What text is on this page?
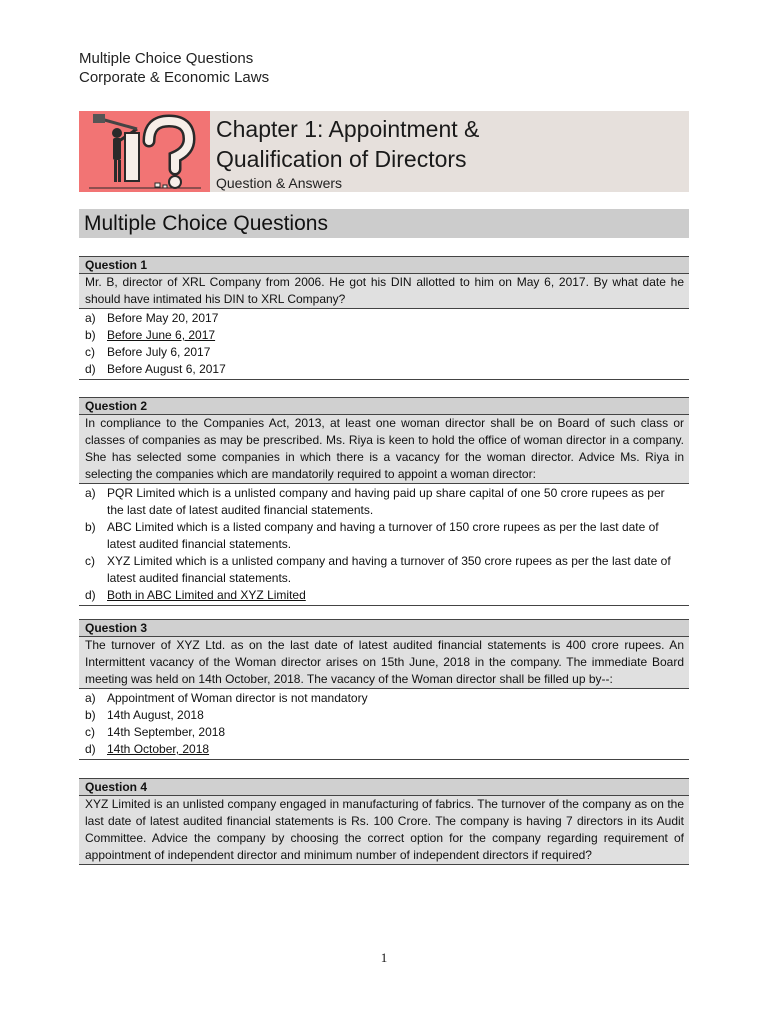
Multiple Choice Questions
Corporate & Economic Laws
Chapter 1: Appointment &
Qualification of Directors
Question & Answers
Multiple Choice Questions
Question 1
Mr. B, director of XRL Company from 2006. He got his DIN allotted to him on May 6, 2017. By what date he should have intimated his DIN to XRL Company?
a) Before May 20, 2017
b) Before June 6, 2017
c)	Before July 6, 2017
d) Before August 6, 2017
Question 2
In compliance to the Companies Act, 2013, at least one woman director shall be on Board of such class or classes of companies as may be prescribed. Ms. Riya is keen to hold the office of woman director in a company. She has selected some companies in which there is a vacancy for the woman director. Advice Ms. Riya in selecting the companies which are mandatorily required to appoint a woman director:
a) PQR Limited which is a unlisted company and having paid up share capital of one 50 crore rupees as per the last date of latest audited financial statements.
b) ABC Limited which is a listed company and having a turnover of 150 crore rupees as per the last date of latest audited financial statements.
c)	XYZ Limited which is a unlisted company and having a turnover of 350 crore rupees as per the last date of latest audited financial statements.
d) Both in ABC Limited and XYZ Limited
Question 3
The turnover of XYZ Ltd. as on the last date of latest audited financial statements is 400 crore rupees. An Intermittent vacancy of the Woman director arises on 15th June, 2018 in the company. The immediate Board meeting was held on 14th October, 2018. The vacancy of the Woman director shall be filled up by--:
a) Appointment of Woman director is not mandatory
b) 14th August, 2018
c)	14th September, 2018
d) 14th October, 2018
Question 4
XYZ Limited is an unlisted company engaged in manufacturing of fabrics. The turnover of the company as on the last date of latest audited financial statements is Rs. 100 Crore. The company is having 7 directors in its Audit Committee. Advice the company by choosing the correct option for the company regarding requirement of appointment of independent director and minimum number of independent directors if required?
1
